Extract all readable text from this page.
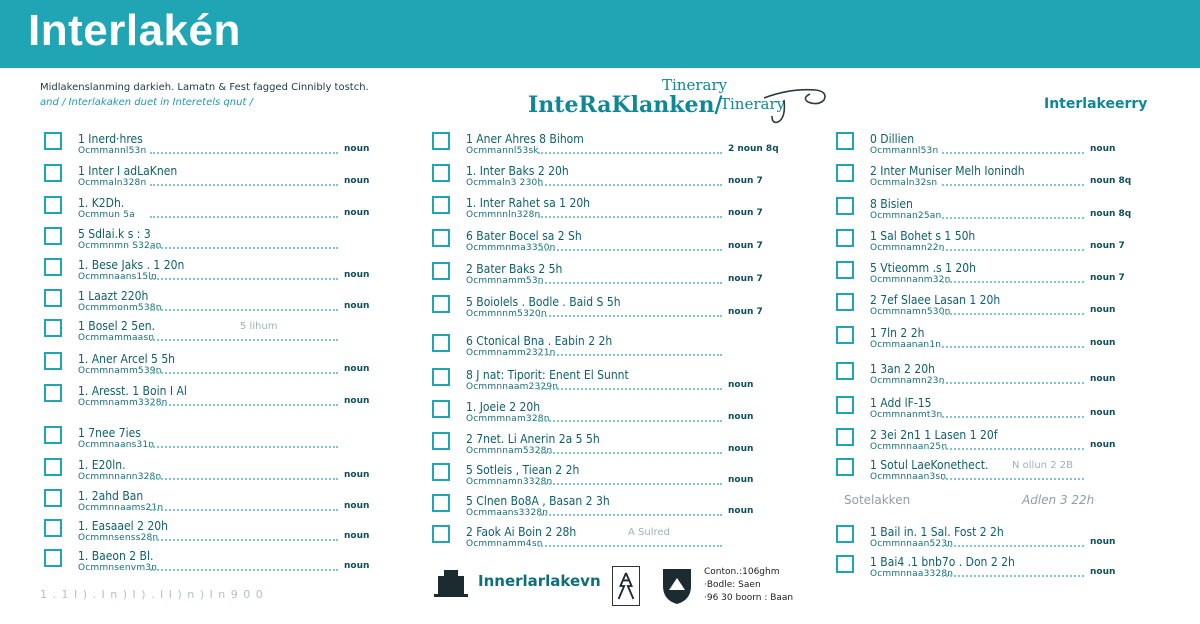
Interlakén
Midlakenslanming darkieh. Lamatn & Fest fagged Cinnibly tostch.
and / Interlakaken duet in Interetels qnut /	InteRaKlanken/
Tinerary
Tinerary	Interlakeerry
1 Inerd·hres
Ocmmannl53n	noun
1 Inter I adLaKnen
Ocmmaln328n	noun
1. K2Dh.
Ocmmun 5a	noun
5 Sdlai.k s : 3
Ocmmnmn S32an
1. Bese Jaks . 1 20n
Ocmmnaans15ln	noun
1 Laazt 220h
Ocmmmonm538n	noun
1 Bosel 2 5en.
Ocmmammaasn
5 lihum
1. Aner Arcel 5 5h
Ocmmnamm539n	noun
1. Aresst. 1 Boin I Al
Ocmmnamm3328n	noun
1 7nee 7ies
Ocmmnaans31n
1. E20ln.
Ocmmnnann328n	noun
1. 2ahd Ban
Ocmmnnaams21n	noun
1. Easaael 2 20h
Ocmmnsenss28n	noun
1. Baeon 2 Bl.
Ocmmnsenvm3n	noun
1 Aner Ahres 8 Bihom
Ocmmannl53sk	2 noun 8q
1. Inter Baks 2 20h
Ocmmaln3 230h	noun 7
1. Inter Rahet sa 1 20h
Ocmmnnln328n	noun 7
6 Bater Bocel sa 2 Sh
Ocmmmnma3350n	noun 7
2 Bater Baks 2 5h
Ocmmnamm53n	noun 7
5 Boiolels . Bodle . Baid S 5h
Ocmmnnm5320n	noun 7
6 Ctonical Bna . Eabin 2 2h
Ocmmnamm2321n
8 J nat: Tiporit: Enent El Sunnt
Ocmmnnaam2329n	noun
1. Joeie 2 20h
Ocmmmnam328n	noun
2 7net. Li Anerin 2a 5 5h
Ocmmnnam5328n	noun
5 Sotleis , Tiean 2 2h
Ocmmnamn3328n	noun
5 Clnen Bo8A , Basan 2 3h
Ocmmaans3328n	noun
2 Faok Ai Boin 2 28h
Ocmmnamm4sn
A Sulred
0 Dillien
Ocmmannl53n	noun
2 Inter Muniser Melh Ionindh
Ocmmaln32sn	noun 8q
8 Bisien
Ocmmnan25an	noun 8q
1 Sal Bohet s 1 50h
Ocmmnamn22n	noun 7
5 Vtieomm .s 1 20h
Ocmmnnanm32n	noun 7
2 7ef Slaee Lasan 1 20h
Ocmmnamn530n	noun
1 7ln 2 2h
Ocmmaanan1n	noun
1 3an 2 20h
Ocmmnamn23n	noun
1 Add lF-15
Ocmmnanmt3n	noun
2 3ei 2n1 1 Lasen 1 20f
Ocmmnnaan25n	noun
1 Sotul LaeKonethect.
Ocmmnnaan3sn
N ollun 2 2B
1 Bail in. 1 Sal. Fost 2 2h
Ocmmnnaan523n	noun
1 Bai4 .1 bnb7o . Don 2 2h
Ocmmnnaa3328n	noun
Sotelakken	Adlen 3 22h
1 . 1 I ) . I n ) I ) . I I ) n ) I n 9 0 0
Innerlarlakevn	Conton.:106ghm
·Bodle: Saen
·96 30 boorn : Baan
